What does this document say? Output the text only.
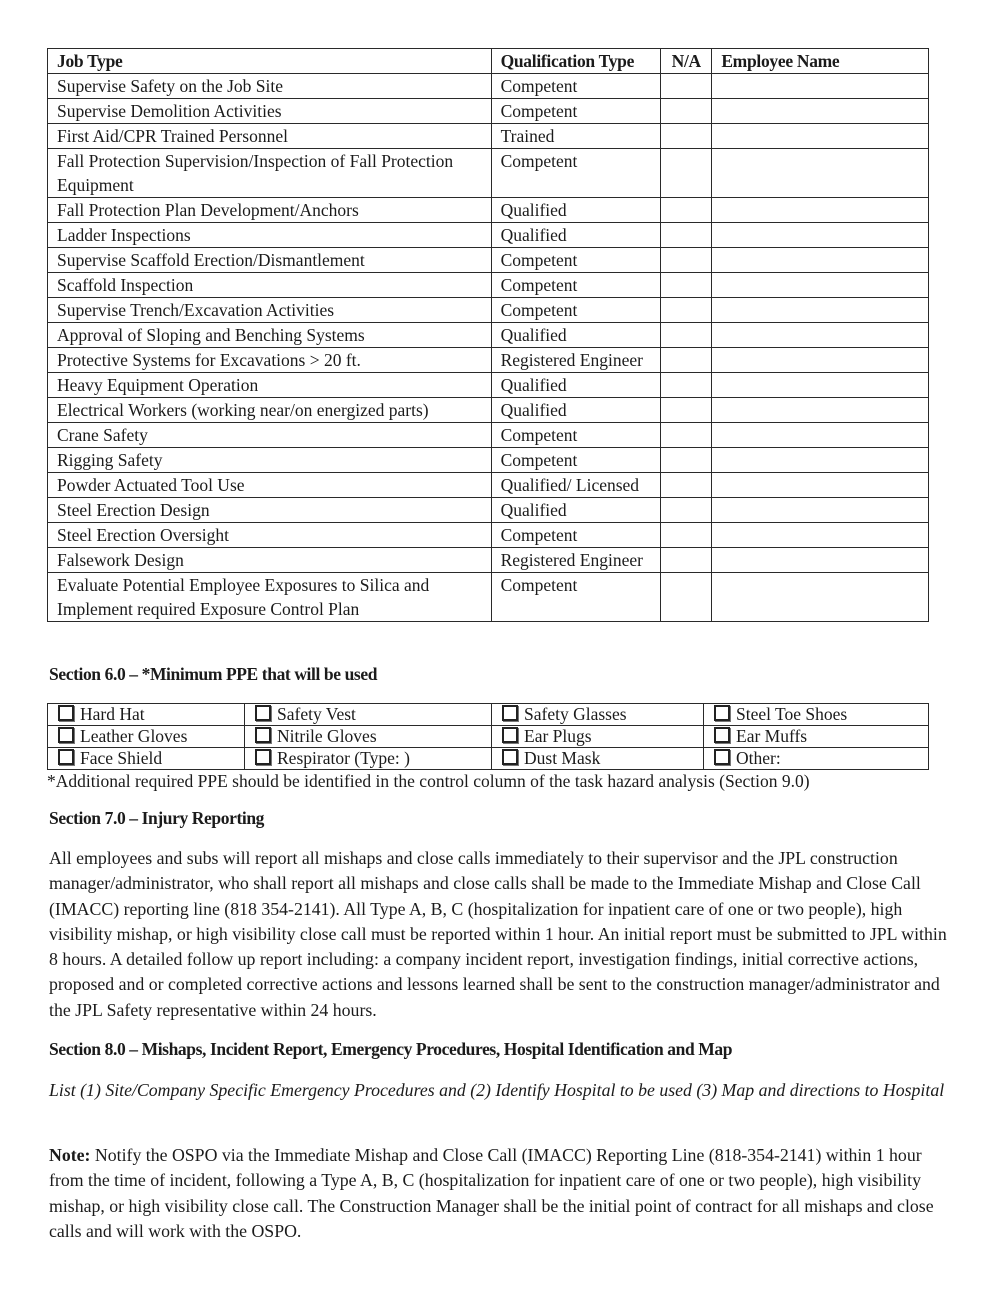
Job Type	Qualification Type	N/A	Employee Name
Supervise Safety on the Job Site	Competent		
Supervise Demolition Activities	Competent		
First Aid/CPR Trained Personnel	Trained		
Fall Protection Supervision/Inspection of Fall Protection Equipment	Competent		
Fall Protection Plan Development/Anchors	Qualified		
Ladder Inspections	Qualified		
Supervise Scaffold Erection/Dismantlement	Competent		
Scaffold Inspection	Competent		
Supervise Trench/Excavation Activities	Competent		
Approval of Sloping and Benching Systems	Qualified		
Protective Systems for Excavations > 20 ft.	Registered Engineer		
Heavy Equipment Operation	Qualified		
Electrical Workers (working near/on energized parts)	Qualified		
Crane Safety	Competent		
Rigging Safety	Competent		
Powder Actuated Tool Use	Qualified/ Licensed		
Steel Erection Design	Qualified		
Steel Erection Oversight	Competent		
Falsework Design	Registered Engineer		
Evaluate Potential Employee Exposures to Silica and Implement required Exposure Control Plan	Competent		
Section 6.0 – *Minimum PPE that will be used
Hard Hat	Safety Vest	Safety Glasses	Steel Toe Shoes
Leather Gloves	Nitrile Gloves	Ear Plugs	Ear Muffs
Face Shield	Respirator (Type: )	Dust Mask	Other:

*Additional required PPE should be identified in the control column of the task hazard analysis (Section 9.0)

Section 7.0 – Injury Reporting

All employees and subs will report all mishaps and close calls immediately to their supervisor and the JPL construction manager/administrator, who shall report all mishaps and close calls shall be made to the Immediate Mishap and Close Call (IMACC) reporting line (818 354-2141). All Type A, B, C (hospitalization for inpatient care of one or two people), high visibility mishap, or high visibility close call must be reported within 1 hour. An initial report must be submitted to JPL within 8 hours. A detailed follow up report including: a company incident report, investigation findings, initial corrective actions, proposed and or completed corrective actions and lessons learned shall be sent to the construction manager/administrator and the JPL Safety representative within 24 hours.

Section 8.0 – Mishaps, Incident Report, Emergency Procedures, Hospital Identification and Map

List (1) Site/Company Specific Emergency Procedures and (2) Identify Hospital to be used (3) Map and directions to Hospital

Note: Notify the OSPO via the Immediate Mishap and Close Call (IMACC) Reporting Line (818-354-2141) within 1 hour from the time of incident, following a Type A, B, C (hospitalization for inpatient care of one or two people), high visibility mishap, or high visibility close call. The Construction Manager shall be the initial point of contract for all mishaps and close calls and will work with the OSPO.
